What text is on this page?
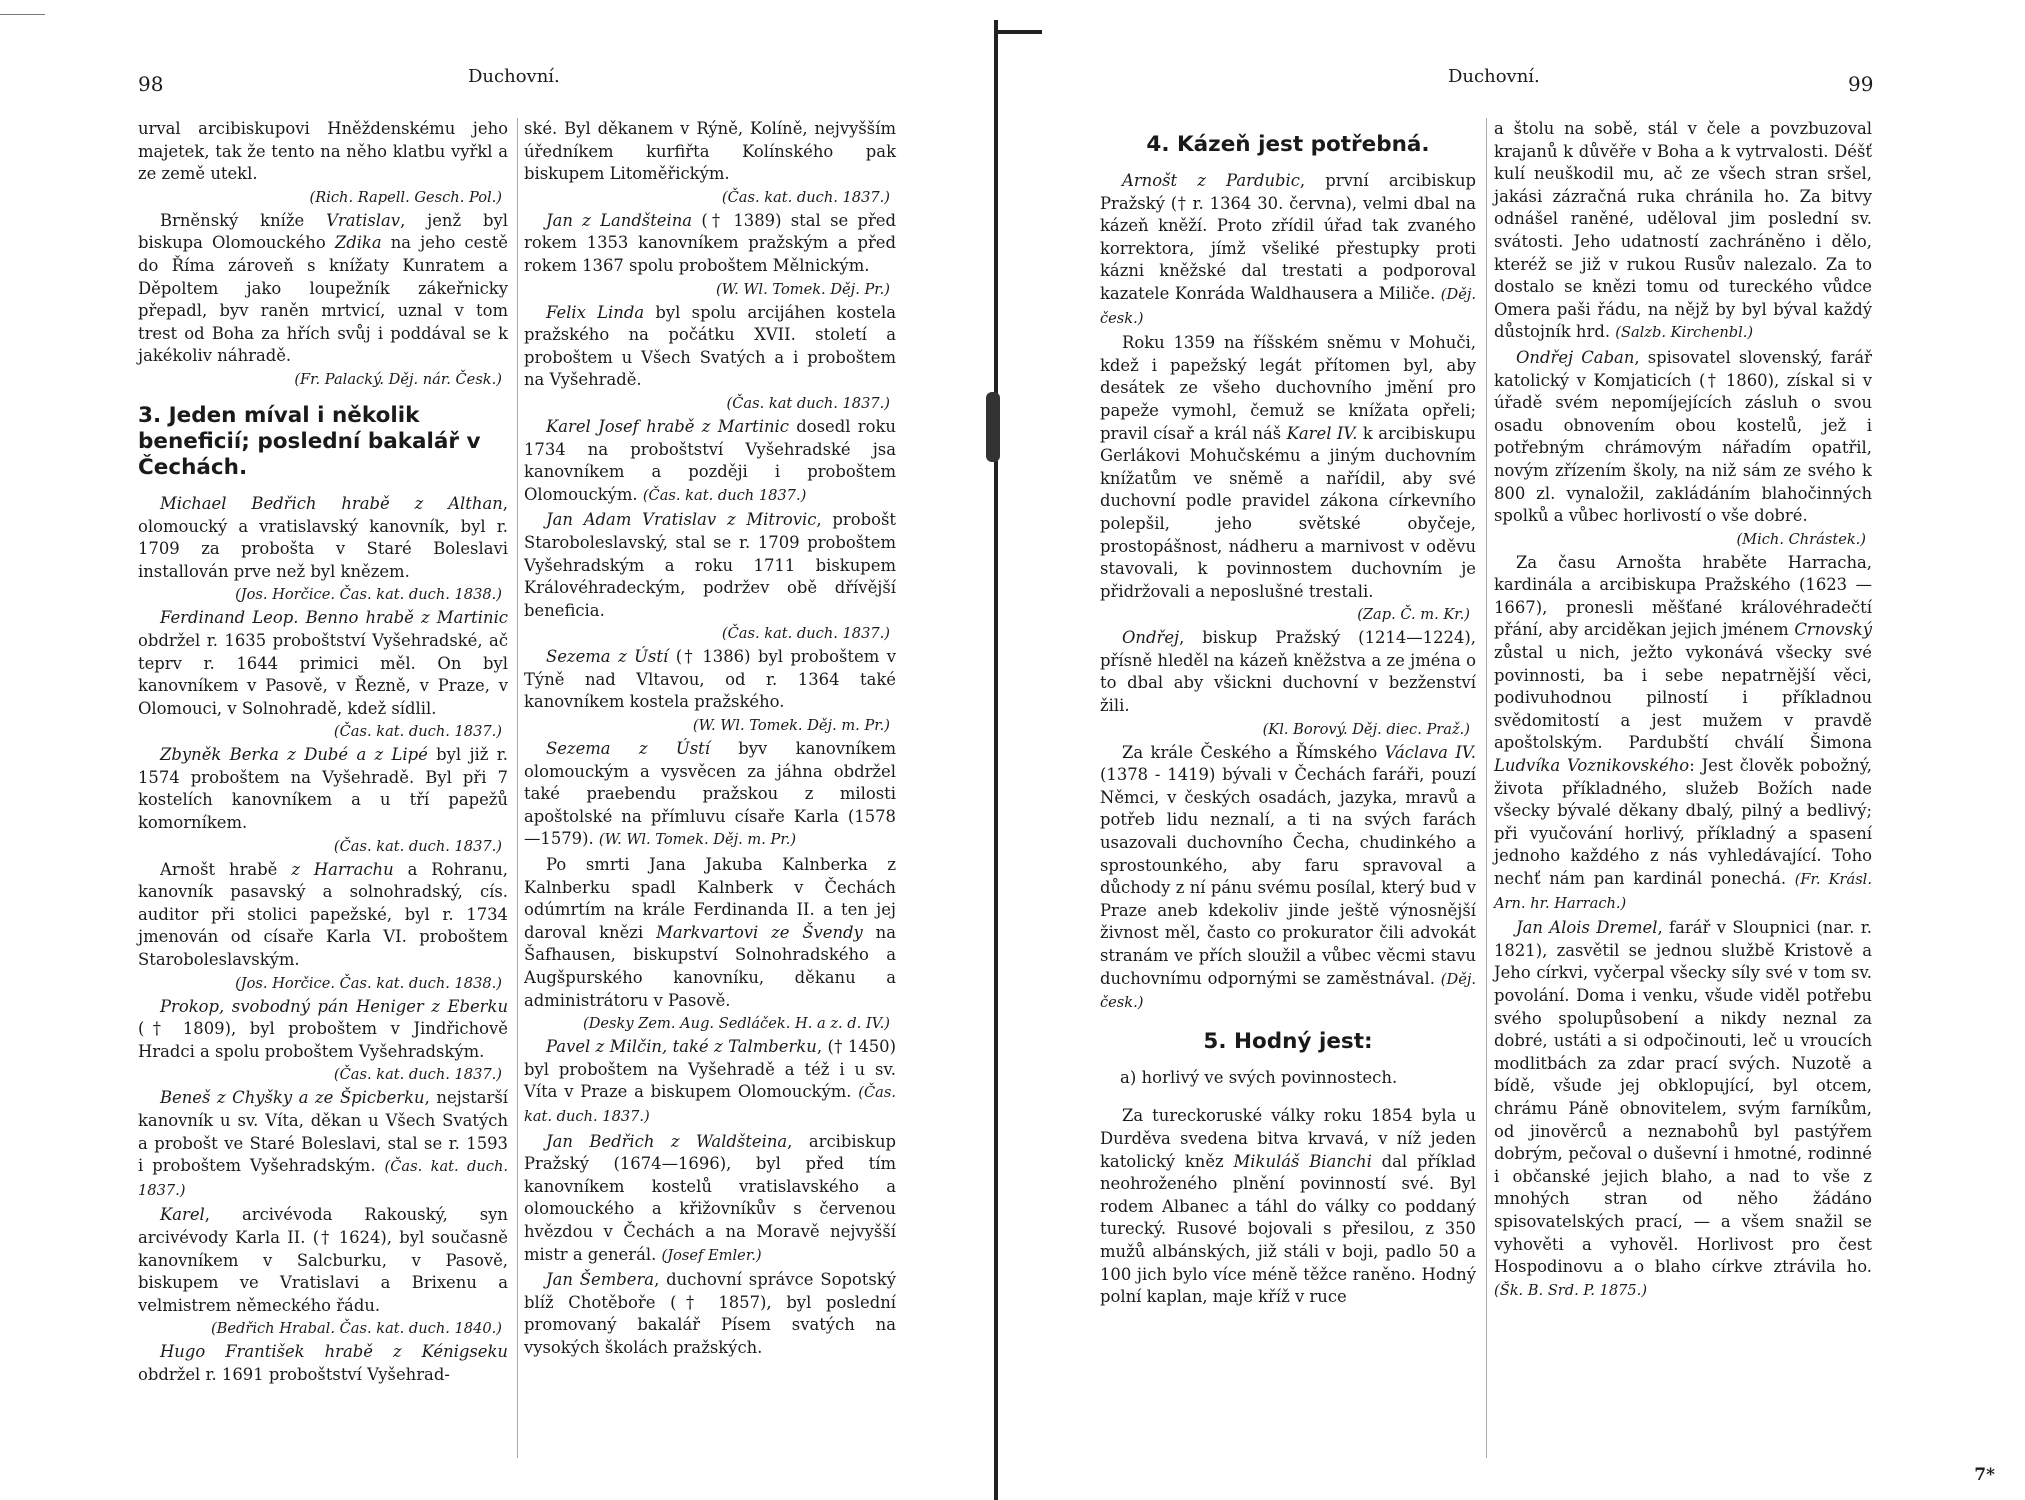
98	Duchovní.

urval arcibiskupovi Hněždenskému jeho majetek, tak že tento na něho klatbu vyřkl a ze země utekl.

(Rich. Rapell. Gesch. Pol.)

Brněnský kníže Vratislav, jenž byl biskupa Olomouckého Zdika na jeho cestě do Říma zároveň s knížaty Kunratem a Děpoltem jako loupežník zákeřnicky přepadl, byv raněn mrtvicí, uznal v tom trest od Boha za hřích svůj i poddával se k jakékoliv náhradě.

(Fr. Palacký. Děj. nár. Česk.)
3. Jeden míval i několik beneficií; poslední bakalář v Čechách.

Michael Bedřich hrabě z Althan, olomoucký a vratislavský kanovník, byl r. 1709 za probošta v Staré Boleslavi installován prve než byl knězem.

(Jos. Horčice. Čas. kat. duch. 1838.)

Ferdinand Leop. Benno hrabě z Martinic obdržel r. 1635 proboštství Vyšehradské, ač teprv r. 1644 primici měl. On byl kanovníkem v Pasově, v Řezně, v Praze, v Olomouci, v Solnohradě, kdež sídlil.

(Čas. kat. duch. 1837.)

Zbyněk Berka z Dubé a z Lipé byl již r. 1574 proboštem na Vyšehradě. Byl při 7 kostelích kanovníkem a u tří papežů komorníkem.

(Čas. kat. duch. 1837.)

Arnošt hrabě z Harrachu a Rohranu, kanovník pasavský a solnohradský, cís. auditor při stolici papežské, byl r. 1734 jmenován od císaře Karla VI. proboštem Staroboleslavským.

(Jos. Horčice. Čas. kat. duch. 1838.)

Prokop, svobodný pán Heniger z Eberku († 1809), byl proboštem v Jindřichově Hradci a spolu proboštem Vyšehradským.

(Čas. kat. duch. 1837.)

Beneš z Chyšky a ze Špicberku, nejstarší kanovník u sv. Víta, děkan u Všech Svatých a probošt ve Staré Boleslavi, stal se r. 1593 i proboštem Vyšehradským. (Čas. kat. duch. 1837.)

Karel, arcivévoda Rakouský, syn arcivévody Karla II. († 1624), byl současně kanovníkem v Salcburku, v Pasově, biskupem ve Vratislavi a Brixenu a velmistrem německého řádu.

(Bedřich Hrabal. Čas. kat. duch. 1840.)

Hugo František hrabě z Kénigseku obdržel r. 1691 proboštství Vyšehrad-

ské. Byl děkanem v Rýně, Kolíně, nejvyšším úředníkem kurfiřta Kolínského pak biskupem Litoměřickým.

(Čas. kat. duch. 1837.)

Jan z Landšteina († 1389) stal se před rokem 1353 kanovníkem pražským a před rokem 1367 spolu proboštem Mělnickým.

(W. Wl. Tomek. Děj. Pr.)

Felix Linda byl spolu arcijáhen kostela pražského na počátku XVII. století a proboštem u Všech Svatých a i proboštem na Vyšehradě.

(Čas. kat duch. 1837.)

Karel Josef hrabě z Martinic dosedl roku 1734 na proboštství Vyšehradské jsa kanovníkem a později i proboštem Olomouckým. (Čas. kat. duch 1837.)

Jan Adam Vratislav z Mitrovic, probošt Staroboleslavský, stal se r. 1709 proboštem Vyšehradským a roku 1711 biskupem Královéhradeckým, podržev obě dřívější beneficia.

(Čas. kat. duch. 1837.)

Sezema z Ústí († 1386) byl proboštem v Týně nad Vltavou, od r. 1364 také kanovníkem kostela pražského.

(W. Wl. Tomek. Děj. m. Pr.)

Sezema z Ústí byv kanovníkem olomouckým a vysvěcen za jáhna obdržel také praebendu pražskou z milosti apoštolské na přímluvu císaře Karla (1578 —1579). (W. Wl. Tomek. Děj. m. Pr.)

Po smrti Jana Jakuba Kalnberka z Kalnberku spadl Kalnberk v Čechách odúmrtím na krále Ferdinanda II. a ten jej daroval knězi Markvartovi ze Švendy na Šafhausen, biskupství Solnohradského a Augšpurského kanovníku, děkanu a administrátoru v Pasově.

(Desky Zem. Aug. Sedláček. H. a z. d. IV.)

Pavel z Milčin, také z Talmberku, († 1450) byl proboštem na Vyšehradě a též i u sv. Víta v Praze a biskupem Olomouckým. (Čas. kat. duch. 1837.)

Jan Bedřich z Waldšteina, arcibiskup Pražský (1674—1696), byl před tím kanovníkem kostelů vratislavského a olomouckého a křižovníkův s červenou hvězdou v Čechách a na Moravě nejvyšší mistr a generál. (Josef Emler.)

Jan Šembera, duchovní správce Sopotský blíž Chotěboře († 1857), byl poslední promovaný bakalář Písem svatých na vysokých školách pražských.

Duchovní.	99
4. Kázeň jest potřebná.

Arnošt z Pardubic, první arcibiskup Pražský († r. 1364 30. června), velmi dbal na kázeň kněží. Proto zřídil úřad tak zvaného korrektora, jímž všeliké přestupky proti kázni kněžské dal trestati a podporoval kazatele Konráda Waldhausera a Miliče. (Děj. česk.)

Roku 1359 na říšském sněmu v Mohuči, kdež i papežský legát přítomen byl, aby desátek ze všeho duchovního jmění pro papeže vymohl, čemuž se knížata opřeli; pravil císař a král náš Karel IV. k arcibiskupu Gerlákovi Mohučskému a jiným duchovním knížatům ve sněmě a nařídil, aby své duchovní podle pravidel zákona církevního polepšil, jeho světské obyčeje, prostopášnost, nádheru a marnivost v oděvu stavovali, k povinnostem duchovním je přidržovali a neposlušné trestali.

(Zap. Č. m. Kr.)

Ondřej, biskup Pražský (1214—1224), přísně hleděl na kázeň kněžstva a ze jména o to dbal aby všickni duchovní v bezženství žili.

(Kl. Borový. Děj. diec. Praž.)

Za krále Českého a Římského Václava IV. (1378 - 1419) bývali v Čechách faráři, pouzí Němci, v českých osadách, jazyka, mravů a potřeb lidu neznalí, a ti na svých farách usazovali duchovního Čecha, chudinkého a sprostounkého, aby faru spravoval a důchody z ní pánu svému posílal, který bud v Praze aneb kdekoliv jinde ještě výnosnější živnost měl, často co prokurator čili advokát stranám ve přích sloužil a vůbec věcmi stavu duchovnímu odpornými se zaměstnával. (Děj. česk.)

5. Hodný jest:
a) horlivý ve svých povinnostech.

Za tureckoruské války roku 1854 byla u Durděva svedena bitva krvavá, v níž jeden katolický kněz Mikuláš Bianchi dal příklad neohroženého plnění povinností své. Byl rodem Albanec a táhl do války co poddaný turecký. Rusové bojovali s přesilou, z 350 mužů albánských, již stáli v boji, padlo 50 a 100 jich bylo více méně těžce raněno. Hodný polní kaplan, maje kříž v ruce

a štolu na sobě, stál v čele a povzbuzoval krajanů k důvěře v Boha a k vytrvalosti. Déšť kulí neuškodil mu, ač ze všech stran sršel, jakási zázračná ruka chránila ho. Za bitvy odnášel raněné, uděloval jim poslední sv. svátosti. Jeho udatností zachráněno i dělo, kteréž se již v rukou Rusův nalezalo. Za to dostalo se knězi tomu od tureckého vůdce Omera paši řádu, na nějž by byl býval každý důstojník hrd. (Salzb. Kirchenbl.)

Ondřej Caban, spisovatel slovenský, farář katolický v Komjaticích († 1860), získal si v úřadě svém nepomíjejících zásluh o svou osadu obnovením obou kostelů, jež i potřebným chrámovým nářadím opatřil, novým zřízením školy, na niž sám ze svého k 800 zl. vynaložil, zakládáním blahočinných spolků a vůbec horlivostí o vše dobré.

(Mich. Chrástek.)

Za času Arnošta hraběte Harracha, kardinála a arcibiskupa Pražského (1623 —1667), pronesli měšťané královéhradečtí přání, aby arciděkan jejich jménem Crnovský zůstal u nich, ježto vykonává všecky své povinnosti, ba i sebe nepatrnější věci, podivuhodnou pilností i příkladnou svědomitostí a jest mužem v pravdě apoštolským. Pardubští chválí Šimona Ludvíka Voznikovského: Jest člověk pobožný, života příkladného, služeb Božích nade všecky bývalé děkany dbalý, pilný a bedlivý; při vyučování horlivý, příkladný a spasení jednoho každého z nás vyhledávající. Toho nechť nám pan kardinál ponechá. (Fr. Krásl. Arn. hr. Harrach.)

Jan Alois Dremel, farář v Sloupnici (nar. r. 1821), zasvětil se jednou službě Kristově a Jeho církvi, vyčerpal všecky síly své v tom sv. povolání. Doma i venku, všude viděl potřebu svého spolupůsobení a nikdy neznal za dobré, ustáti a si odpočinouti, leč u vroucích modlitbách za zdar prací svých. Nuzotě a bídě, všude jej obklopující, byl otcem, chrámu Páně obnovitelem, svým farníkům, od jinověrců a neznabohů byl pastýřem dobrým, pečoval o duševní i hmotné, rodinné i občanské jejich blaho, a nad to vše z mnohých stran od něho žádáno spisovatelských prací, — a všem snažil se vyhověti a vyhověl. Horlivost pro čest Hospodinovu a o blaho církve ztrávila ho. (Šk. B. Srd. P. 1875.)

7*
